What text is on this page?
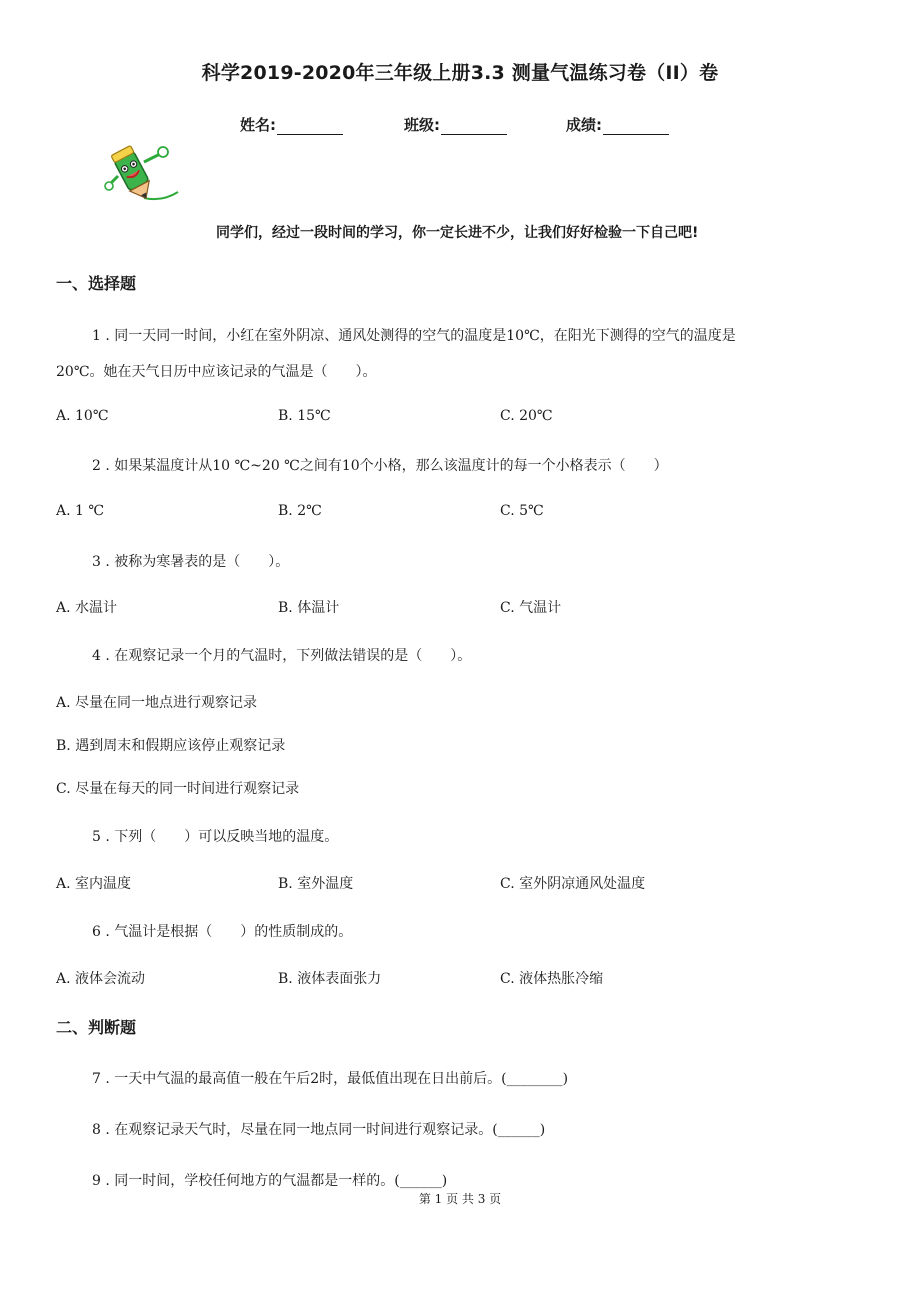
科学2019-2020年三年级上册3.3 测量气温练习卷（II）卷
姓名:	班级:	成绩:
同学们，经过一段时间的学习，你一定长进不少，让我们好好检验一下自己吧!
一、选择题
1 . 同一天同一时间，小红在室外阴凉、通风处测得的空气的温度是10℃，在阳光下测得的空气的温度是
20℃。她在天气日历中应该记录的气温是（　　）。
A. 10℃	B. 15℃	C. 20℃
2 . 如果某温度计从10 ℃~20 ℃之间有10个小格，那么该温度计的每一个小格表示（　　）
A. 1 ℃	B. 2℃	C. 5℃
3 . 被称为寒暑表的是（　　）。
A. 水温计	B. 体温计	C. 气温计
4 . 在观察记录一个月的气温时，下列做法错误的是（　　）。
A. 尽量在同一地点进行观察记录
B. 遇到周末和假期应该停止观察记录
C. 尽量在每天的同一时间进行观察记录
5 . 下列（　　）可以反映当地的温度。
A. 室内温度	B. 室外温度	C. 室外阴凉通风处温度
6 . 气温计是根据（　　）的性质制成的。
A. 液体会流动	B. 液体表面张力	C. 液体热胀冷缩
二、判断题
7 . 一天中气温的最高值一般在午后2时，最低值出现在日出前后。(________)
8 . 在观察记录天气时，尽量在同一地点同一时间进行观察记录。(______)
9 . 同一时间，学校任何地方的气温都是一样的。(______)
第 1 页 共 3 页
